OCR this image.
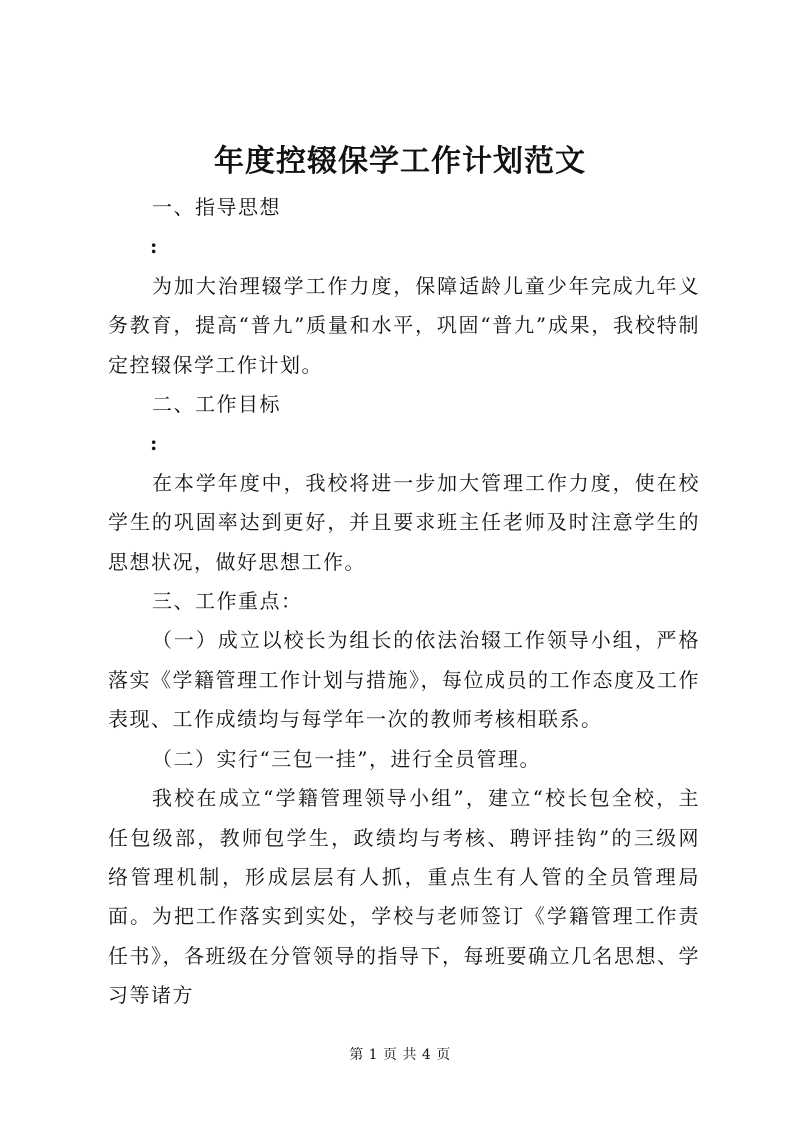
年度控辍保学工作计划范文

一、指导思想

:

为加大治理辍学工作力度，保障适龄儿童少年完成九年义务教育，提高“普九”质量和水平，巩固“普九”成果，我校特制定控辍保学工作计划。

二、工作目标

:

在本学年度中，我校将进一步加大管理工作力度，使在校学生的巩固率达到更好，并且要求班主任老师及时注意学生的思想状况，做好思想工作。

三、工作重点：

（一）成立以校长为组长的依法治辍工作领导小组，严格落实《学籍管理工作计划与措施》，每位成员的工作态度及工作表现、工作成绩均与每学年一次的教师考核相联系。

（二）实行“三包一挂”，进行全员管理。

我校在成立“学籍管理领导小组”，建立“校长包全校，主任包级部，教师包学生，政绩均与考核、聘评挂钩”的三级网络管理机制，形成层层有人抓，重点生有人管的全员管理局面。为把工作落实到实处，学校与老师签订《学籍管理工作责任书》，各班级在分管领导的指导下，每班要确立几名思想、学习等诸方

第 1 页 共 4 页
